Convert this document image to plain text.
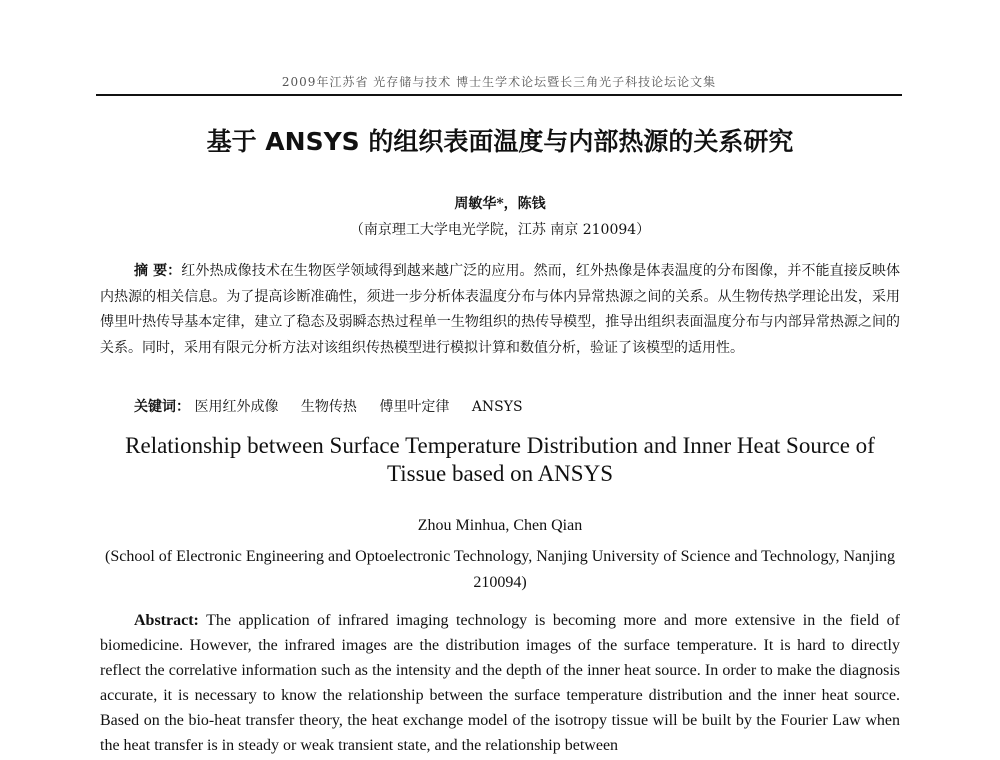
2009年江苏省 光存储与技术 博士生学术论坛暨长三角光子科技论坛论文集
基于 ANSYS 的组织表面温度与内部热源的关系研究
周敏华*，陈钱
（南京理工大学电光学院，江苏 南京 210094）
摘 要：红外热成像技术在生物医学领域得到越来越广泛的应用。然而，红外热像是体表温度的分布图像，并不能直接反映体内热源的相关信息。为了提高诊断准确性，须进一步分析体表温度分布与体内异常热源之间的关系。从生物传热学理论出发，采用傅里叶热传导基本定律，建立了稳态及弱瞬态热过程单一生物组织的热传导模型，推导出组织表面温度分布与内部异常热源之间的关系。同时，采用有限元分析方法对该组织传热模型进行模拟计算和数值分析，验证了该模型的适用性。
关键词： 医用红外成像 生物传热 傅里叶定律 ANSYS
Relationship between Surface Temperature Distribution and Inner Heat Source of Tissue based on ANSYS
Zhou Minhua, Chen Qian
(School of Electronic Engineering and Optoelectronic Technology, Nanjing University of Science and Technology, Nanjing 210094)
Abstract: The application of infrared imaging technology is becoming more and more extensive in the field of biomedicine. However, the infrared images are the distribution images of the surface temperature. It is hard to directly reflect the correlative information such as the intensity and the depth of the inner heat source. In order to make the diagnosis accurate, it is necessary to know the relationship between the surface temperature distribution and the inner heat source. Based on the bio-heat transfer theory, the heat exchange model of the isotropy tissue will be built by the Fourier Law when the heat transfer is in steady or weak transient state, and the relationship between
